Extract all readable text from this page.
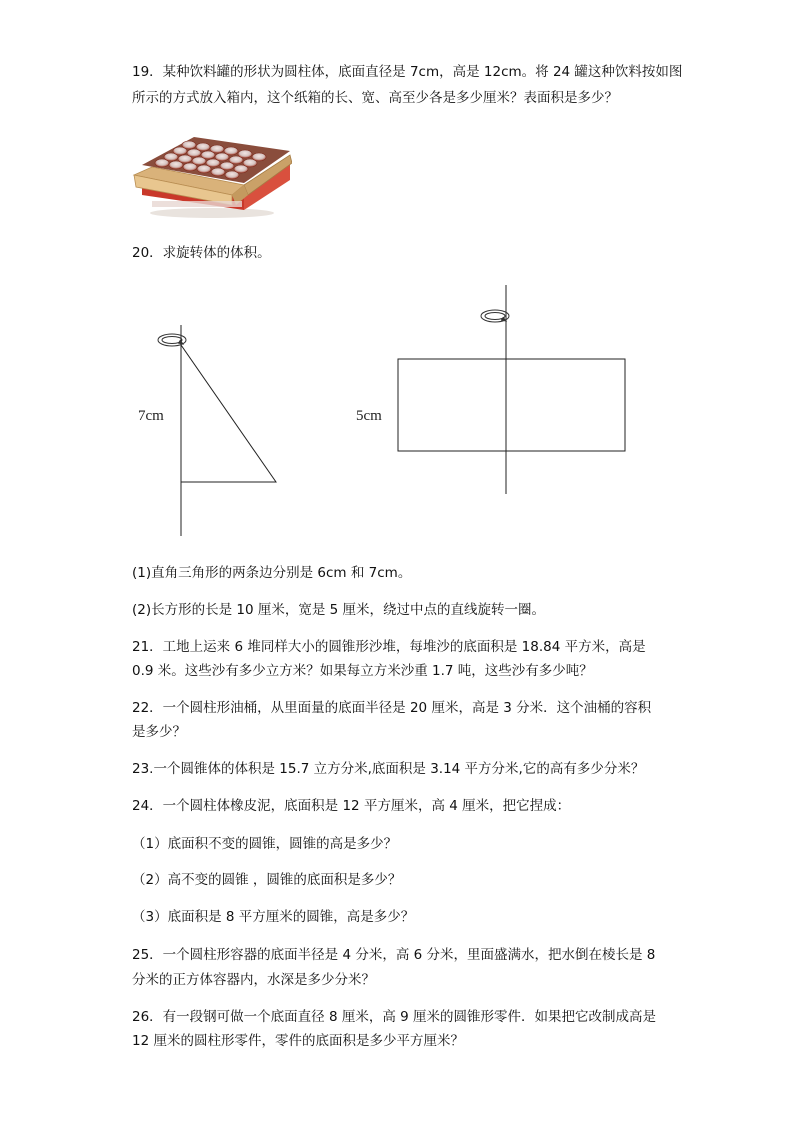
19．某种饮料罐的形状为圆柱体，底面直径是 7cm，高是 12cm。将 24 罐这种饮料按如图
所示的方式放入箱内，这个纸箱的长、宽、高至少各是多少厘米？表面积是多少？
20．求旋转体的体积。
7cm	5cm
(1)直角三角形的两条边分别是 6cm 和 7cm。
(2)长方形的长是 10 厘米，宽是 5 厘米，绕过中点的直线旋转一圈。
21．工地上运来 6 堆同样大小的圆锥形沙堆，每堆沙的底面积是 18.84 平方米，高是
0.9 米。这些沙有多少立方米？如果每立方米沙重 1.7 吨，这些沙有多少吨？
22．一个圆柱形油桶，从里面量的底面半径是 20 厘米，高是 3 分米．这个油桶的容积
是多少？
23.一个圆锥体的体积是 15.7 立方分米,底面积是 3.14 平方分米,它的高有多少分米？
24．一个圆柱体橡皮泥，底面积是 12 平方厘米，高 4 厘米，把它捏成：
（1）底面积不变的圆锥，圆锥的高是多少？
（2）高不变的圆锥 ，圆锥的底面积是多少？
（3）底面积是 8 平方厘米的圆锥，高是多少？
25．一个圆柱形容器的底面半径是 4 分米，高 6 分米，里面盛满水，把水倒在棱长是 8
分米的正方体容器内，水深是多少分米？
26．有一段钢可做一个底面直径 8 厘米，高 9 厘米的圆锥形零件．如果把它改制成高是
12 厘米的圆柱形零件，零件的底面积是多少平方厘米？
